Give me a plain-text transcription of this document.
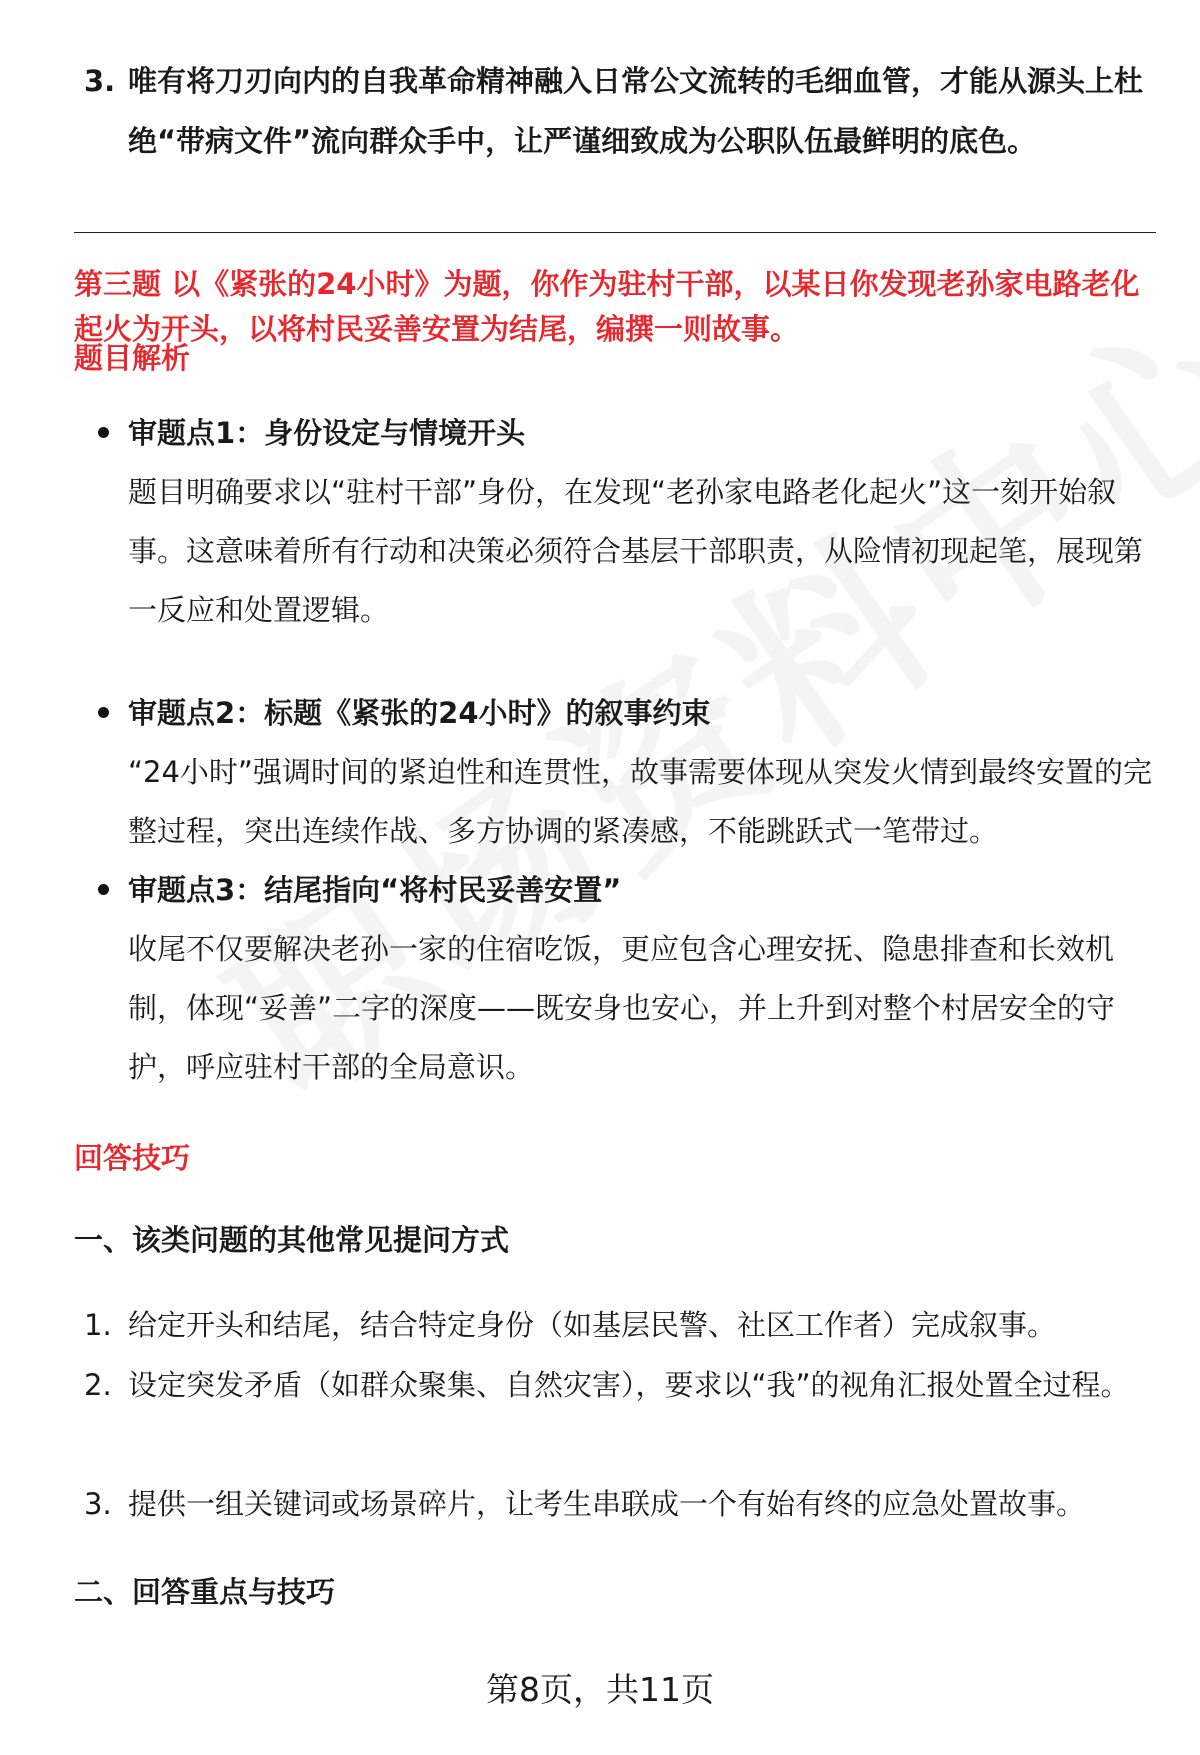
3. 唯有将刀刃向内的自我革命精神融入日常公文流转的毛细血管，才能从源头上杜绝“带病文件”流向群众手中，让严谨细致成为公职队伍最鲜明的底色。
第三题 以《紧张的24小时》为题，你作为驻村干部，以某日你发现老孙家电路老化起火为开头，以将村民妥善安置为结尾，编撰一则故事。
题目解析
审题点1：身份设定与情境开头
题目明确要求以“驻村干部”身份，在发现“老孙家电路老化起火”这一刻开始叙事。这意味着所有行动和决策必须符合基层干部职责，从险情初现起笔，展现第一反应和处置逻辑。
审题点2：标题《紧张的24小时》的叙事约束
“24小时”强调时间的紧迫性和连贯性，故事需要体现从突发火情到最终安置的完整过程，突出连续作战、多方协调的紧凑感，不能跳跃式一笔带过。
审题点3：结尾指向“将村民妥善安置”
收尾不仅要解决老孙一家的住宿吃饭，更应包含心理安抚、隐患排查和长效机制，体现“妥善”二字的深度——既安身也安心，并上升到对整个村居安全的守护，呼应驻村干部的全局意识。
回答技巧
一、该类问题的其他常见提问方式
1. 给定开头和结尾，结合特定身份（如基层民警、社区工作者）完成叙事。
2. 设定突发矛盾（如群众聚集、自然灾害），要求以“我”的视角汇报处置全过程。
3. 提供一组关键词或场景碎片，让考生串联成一个有始有终的应急处置故事。
二、回答重点与技巧
第8页，共11页
